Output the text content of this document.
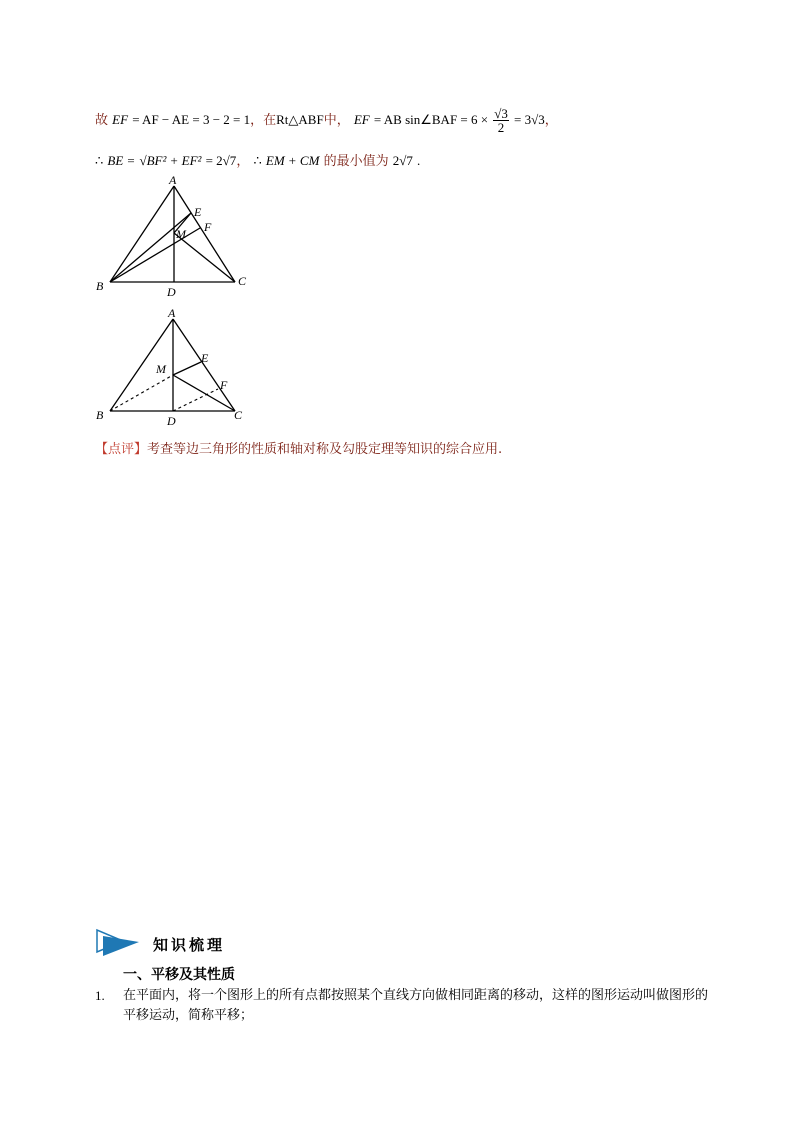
故 EF = AF − AE = 3 − 2 = 1，在Rt△ABF中， EF = AB sin∠BAF = $6 \times \frac{√3}{2} = 3√3$，
∴ BE = √BF² + EF² = 2√7， ∴ EM + CM 的最小值为 2√7 .
A
B	C
D
E
F
M
A
B	C
D
E
F
M
【点评】考查等边三角形的性质和轴对称及勾股定理等知识的综合应用.
知识梳理
一、平移及其性质
1. 在平面内，将一个图形上的所有点都按照某个直线方向做相同距离的移动，这样的图形运动叫做图形的平移运动，简称平移；
